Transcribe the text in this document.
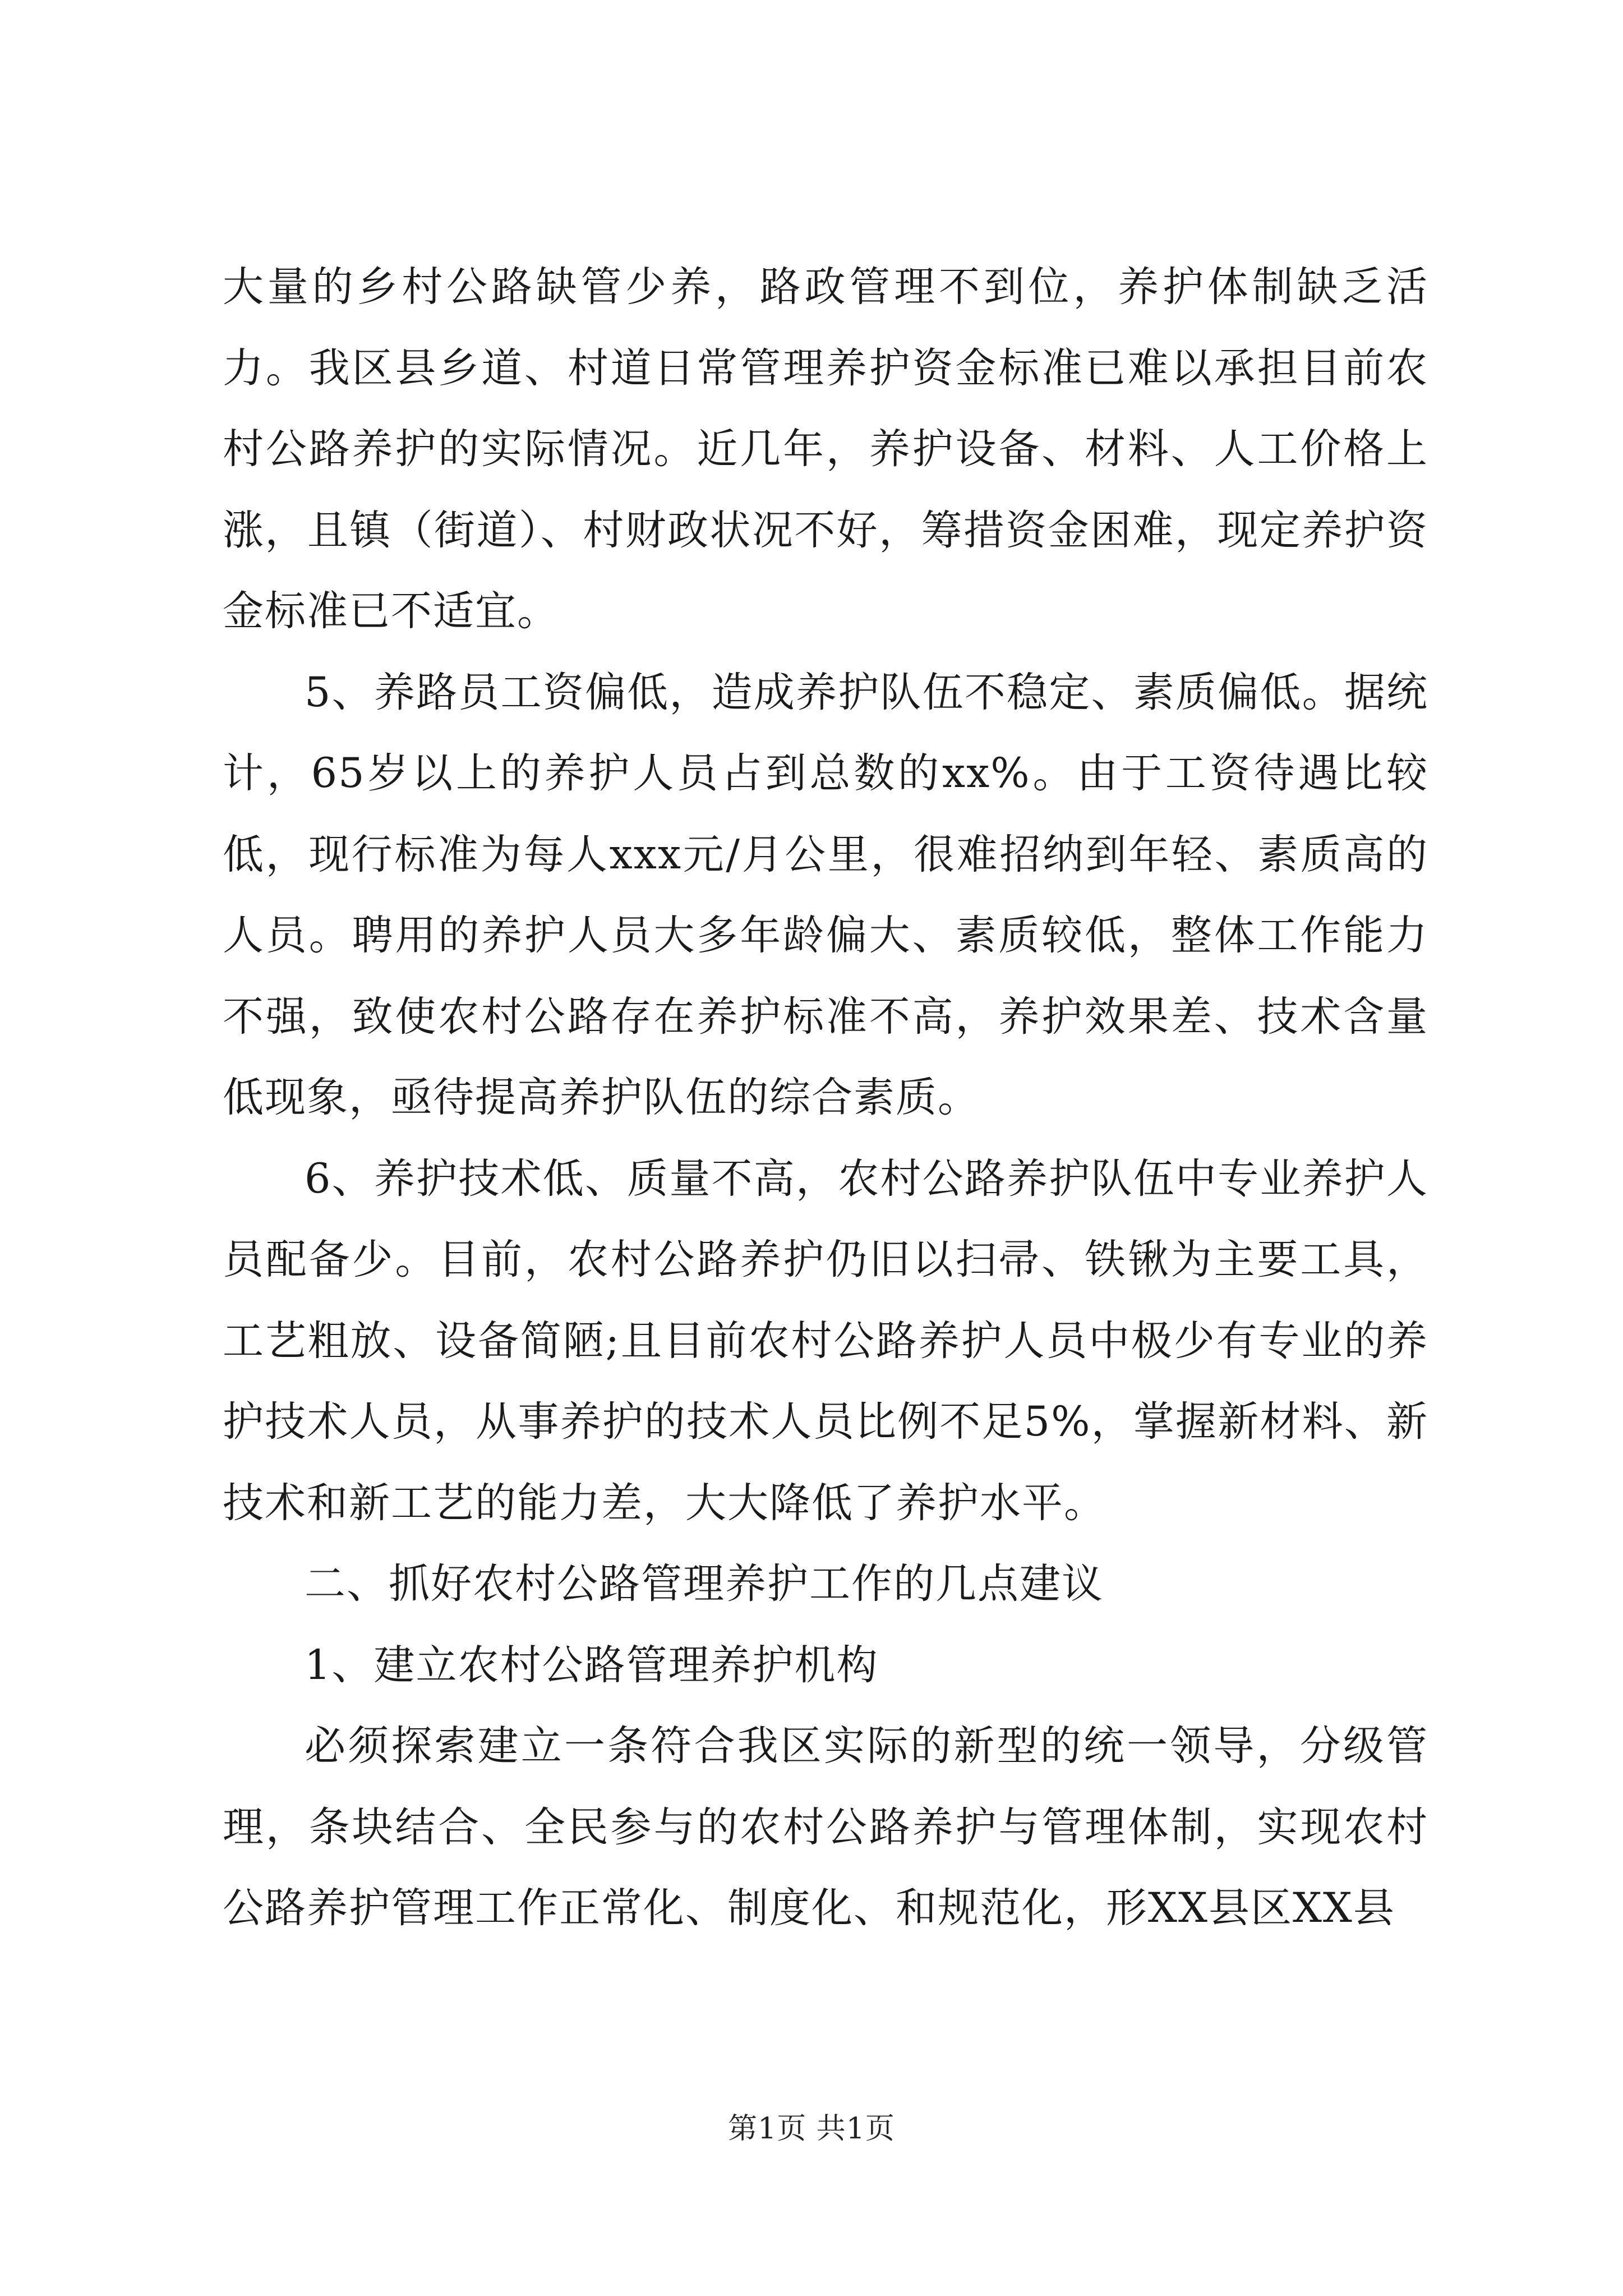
大量的乡村公路缺管少养，路政管理不到位，养护体制缺乏活力。我区县乡道、村道日常管理养护资金标准已难以承担目前农村公路养护的实际情况。近几年，养护设备、材料、人工价格上涨，且镇（街道）、村财政状况不好，筹措资金困难，现定养护资金标准已不适宜。

5、养路员工资偏低，造成养护队伍不稳定、素质偏低。据统计，65岁以上的养护人员占到总数的xx%。由于工资待遇比较低，现行标准为每人xxx元/月公里，很难招纳到年轻、素质高的人员。聘用的养护人员大多年龄偏大、素质较低，整体工作能力不强，致使农村公路存在养护标准不高，养护效果差、技术含量低现象，亟待提高养护队伍的综合素质。

6、养护技术低、质量不高，农村公路养护队伍中专业养护人员配备少。目前，农村公路养护仍旧以扫帚、铁锹为主要工具，工艺粗放、设备简陋;且目前农村公路养护人员中极少有专业的养护技术人员，从事养护的技术人员比例不足5%，掌握新材料、新技术和新工艺的能力差，大大降低了养护水平。

二、抓好农村公路管理养护工作的几点建议

1、建立农村公路管理养护机构

必须探索建立一条符合我区实际的新型的统一领导，分级管理，条块结合、全民参与的农村公路养护与管理体制，实现农村公路养护管理工作正常化、制度化、和规范化，形XX县区XX县

第1页 共1页
